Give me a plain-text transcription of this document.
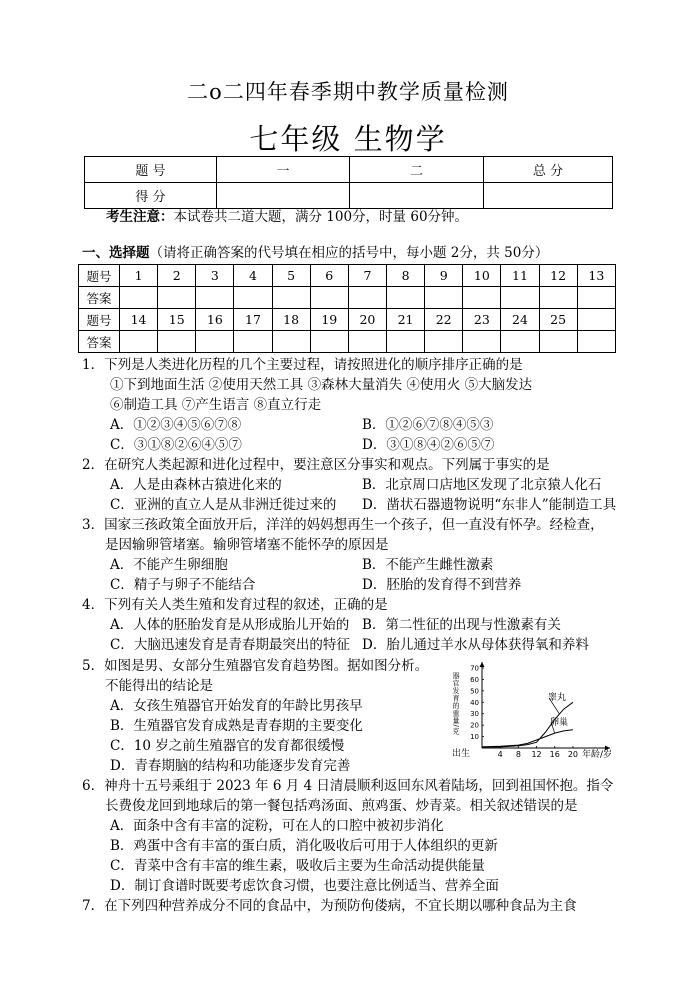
二o二四年春季期中教学质量检测
七年级 生物学
题 号	一	二	总 分
得 分			
考生注意：本试卷共二道大题，满分 100分，时量 60分钟。
一、选择题（请将正确答案的代号填在相应的括号中，每小题 2分，共 50分）
题号	1	2	3	4	5	6	7	8	9	10	11	12	13
答案													
题号	14	15	16	17	18	19	20	21	22	23	24	25	
答案													
1．下列是人类进化历程的几个主要过程，请按照进化的顺序排序正确的是
①下到地面生活 ②使用天然工具 ③森林大量消失 ④使用火 ⑤大脑发达
⑥制造工具 ⑦产生语言 ⑧直立行走
A．①②③④⑤⑥⑦⑧	B．①②⑥⑦⑧④⑤③
C．③①⑧②⑥④⑤⑦	D．③①⑧④②⑥⑤⑦
2．在研究人类起源和进化过程中，要注意区分事实和观点。下列属于事实的是
A．人是由森林古猿进化来的	B．北京周口店地区发现了北京猿人化石
C．亚洲的直立人是从非洲迁徙过来的 D．凿状石器遗物说明“东非人”能制造工具
3．国家三孩政策全面放开后，洋洋的妈妈想再生一个孩子，但一直没有怀孕。经检查，
是因输卵管堵塞。输卵管堵塞不能怀孕的原因是
A．不能产生卵细胞	B．不能产生雌性激素
C．精子与卵子不能结合	D．胚胎的发育得不到营养
4．下列有关人类生殖和发育过程的叙述，正确的是
A．人体的胚胎发育是从形成胎儿开始的 B．第二性征的出现与性激素有关
C．大脑迅速发育是青春期最突出的特征 D．胎儿通过羊水从母体获得氧和养料
5．如图是男、女部分生殖器官发育趋势图。据如图分析。
不能得出的结论是
A．女孩生殖器官开始发育的年龄比男孩早
B．生殖器官发育成熟是青春期的主要变化
C．10 岁之前生殖器官的发育都很缓慢
D．青春期脑的结构和功能逐步发育完善
4 8 12 16 20
10
20
30
40
50
60
70
器官发育的重量/克
出生	年龄/岁
睾丸
卵巢
6．神舟十五号乘组于 2023 年 6 月 4 日清晨顺利返回东风着陆场，回到祖国怀抱。指令
长费俊龙回到地球后的第一餐包括鸡汤面、煎鸡蛋、炒青菜。相关叙述错误的是
A．面条中含有丰富的淀粉，可在人的口腔中被初步消化
B．鸡蛋中含有丰富的蛋白质，消化吸收后可用于人体组织的更新
C．青菜中含有丰富的维生素，吸收后主要为生命活动提供能量
D．制订食谱时既要考虑饮食习惯，也要注意比例适当、营养全面
7．在下列四种营养成分不同的食品中，为预防佝偻病，不宜长期以哪种食品为主食
